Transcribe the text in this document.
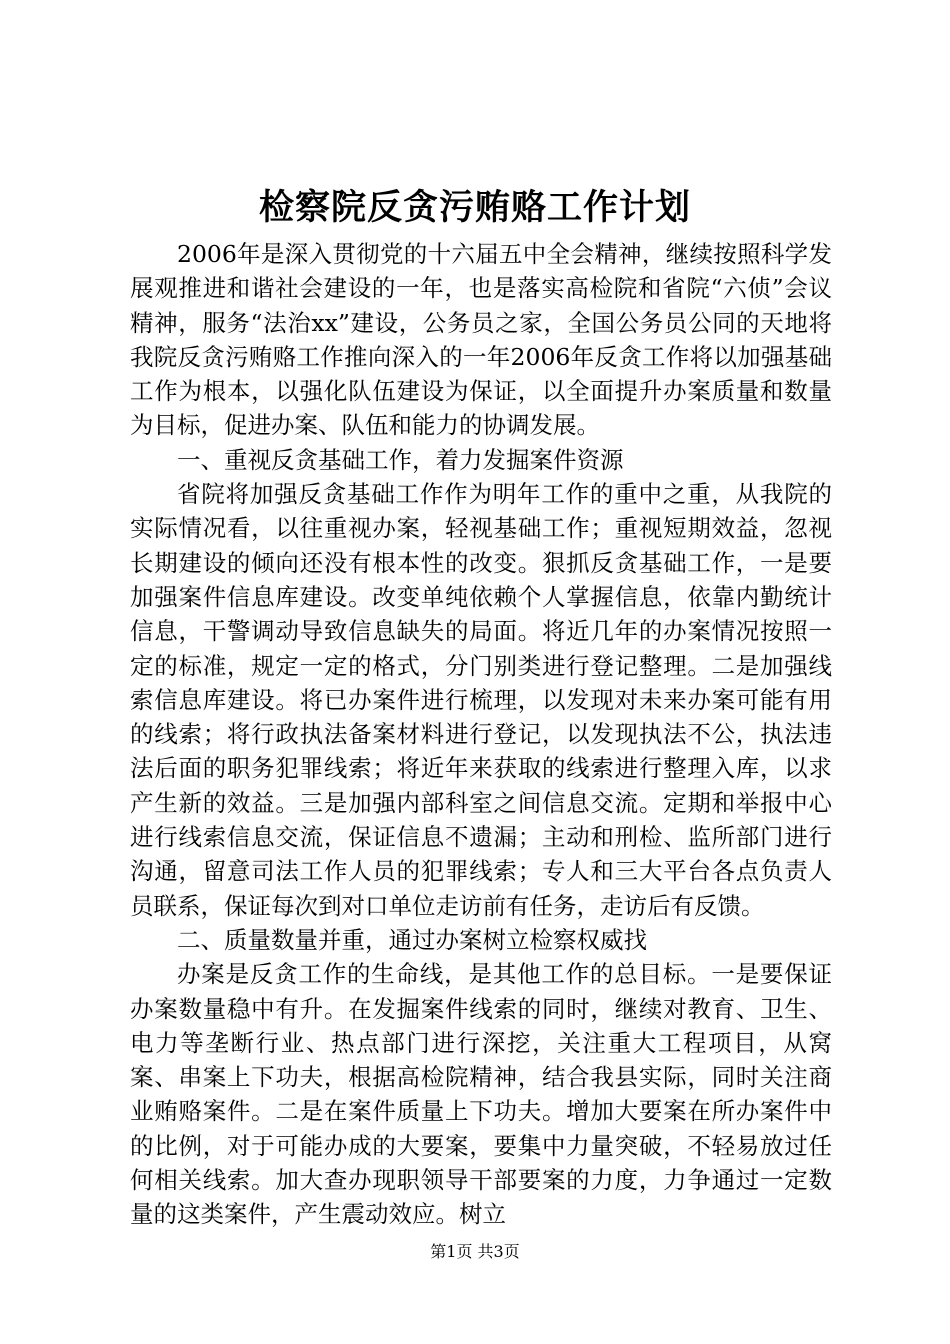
检察院反贪污贿赂工作计划

2006年是深入贯彻党的十六届五中全会精神，继续按照科学发展观推进和谐社会建设的一年，也是落实高检院和省院“六侦”会议精神，服务“法治xx”建设，公务员之家，全国公务员公同的天地将我院反贪污贿赂工作推向深入的一年2006年反贪工作将以加强基础工作为根本，以强化队伍建设为保证，以全面提升办案质量和数量为目标，促进办案、队伍和能力的协调发展。

一、重视反贪基础工作，着力发掘案件资源

省院将加强反贪基础工作作为明年工作的重中之重，从我院的实际情况看，以往重视办案，轻视基础工作；重视短期效益，忽视长期建设的倾向还没有根本性的改变。狠抓反贪基础工作，一是要加强案件信息库建设。改变单纯依赖个人掌握信息，依靠内勤统计信息，干警调动导致信息缺失的局面。将近几年的办案情况按照一定的标准，规定一定的格式，分门别类进行登记整理。二是加强线索信息库建设。将已办案件进行梳理，以发现对未来办案可能有用的线索；将行政执法备案材料进行登记，以发现执法不公，执法违法后面的职务犯罪线索；将近年来获取的线索进行整理入库，以求产生新的效益。三是加强内部科室之间信息交流。定期和举报中心进行线索信息交流，保证信息不遗漏；主动和刑检、监所部门进行沟通，留意司法工作人员的犯罪线索；专人和三大平台各点负责人员联系，保证每次到对口单位走访前有任务，走访后有反馈。

二、质量数量并重，通过办案树立检察权威找

办案是反贪工作的生命线，是其他工作的总目标。一是要保证办案数量稳中有升。在发掘案件线索的同时，继续对教育、卫生、电力等垄断行业、热点部门进行深挖，关注重大工程项目，从窝案、串案上下功夫，根据高检院精神，结合我县实际，同时关注商业贿赂案件。二是在案件质量上下功夫。增加大要案在所办案件中的比例，对于可能办成的大要案，要集中力量突破，不轻易放过任何相关线索。加大查办现职领导干部要案的力度，力争通过一定数量的这类案件，产生震动效应。树立

第1页 共3页
